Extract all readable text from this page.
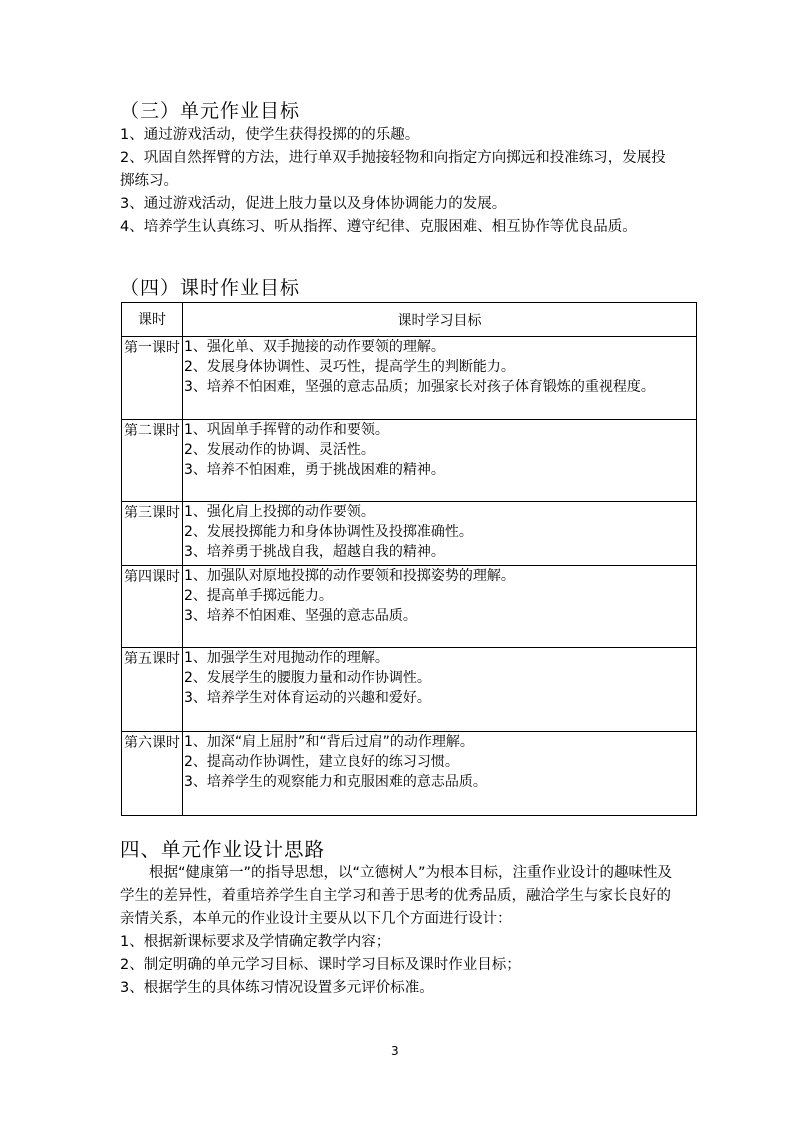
（三）单元作业目标

1、通过游戏活动，使学生获得投掷的的乐趣。

2、巩固自然挥臂的方法，进行单双手抛接轻物和向指定方向掷远和投准练习，发展投掷练习。

3、通过游戏活动，促进上肢力量以及身体协调能力的发展。

4、培养学生认真练习、听从指挥、遵守纪律、克服困难、相互协作等优良品质。

（四）课时作业目标
课时	课时学习目标
第一课时	1、强化单、双手抛接的动作要领的理解。
2、发展身体协调性、灵巧性，提高学生的判断能力。
3、培养不怕困难，坚强的意志品质；加强家长对孩子体育锻炼的重视程度。

第二课时	1、巩固单手挥臂的动作和要领。
2、发展动作的协调、灵活性。
3、培养不怕困难，勇于挑战困难的精神。

第三课时	1、强化肩上投掷的动作要领。
2、发展投掷能力和身体协调性及投掷准确性。
3、培养勇于挑战自我，超越自我的精神。

第四课时	1、加强队对原地投掷的动作要领和投掷姿势的理解。
2、提高单手掷远能力。
3、培养不怕困难、坚强的意志品质。

第五课时	1、加强学生对甩抛动作的理解。
2、发展学生的腰腹力量和动作协调性。
3、培养学生对体育运动的兴趣和爱好。

第六课时	1、加深“肩上屈肘”和“背后过肩”的动作理解。
2、提高动作协调性，建立良好的练习习惯。
3、培养学生的观察能力和克服困难的意志品质。
四、单元作业设计思路

根据“健康第一”的指导思想，以“立德树人”为根本目标，注重作业设计的趣味性及学生的差异性，着重培养学生自主学习和善于思考的优秀品质，融洽学生与家长良好的亲情关系，本单元的作业设计主要从以下几个方面进行设计：

1、根据新课标要求及学情确定教学内容；

2、制定明确的单元学习目标、课时学习目标及课时作业目标；

3、根据学生的具体练习情况设置多元评价标准。

3
